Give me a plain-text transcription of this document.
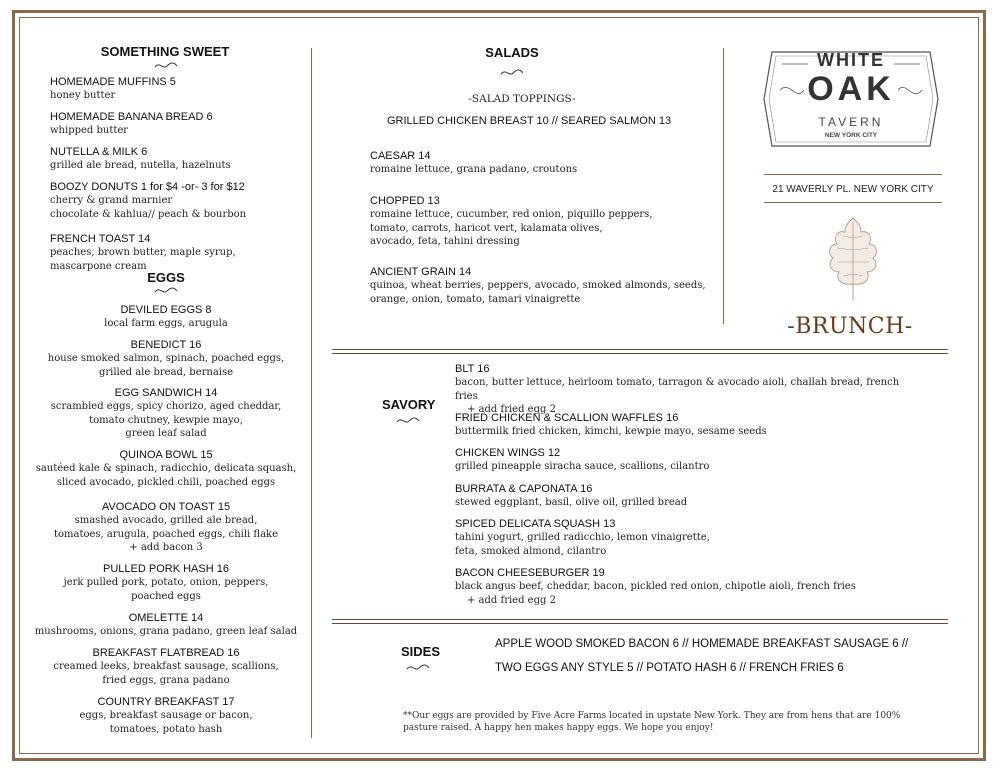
SOMETHING SWEET
HOMEMADE MUFFINS 5
honey butter
HOMEMADE BANANA BREAD 6
whipped butter
NUTELLA & MILK 6
grilled ale bread, nutella, hazelnuts
BOOZY DONUTS 1 for $4 -or- 3 for $12
cherry & grand marnier
chocolate & kahlua// peach & bourbon
FRENCH TOAST 14
peaches, brown butter, maple syrup,
mascarpone cream
EGGS
DEVILED EGGS 8
local farm eggs, arugula
BENEDICT 16
house smoked salmon, spinach, poached eggs,
grilled ale bread, bernaise
EGG SANDWICH 14
scrambled eggs, spicy chorizo, aged cheddar,
tomato chutney, kewpie mayo,
green leaf salad
QUINOA BOWL 15
sautéed kale & spinach, radicchio, delicata squash,
sliced avocado, pickled chili, poached eggs
AVOCADO ON TOAST 15
smashed avocado, grilled ale bread,
tomatoes, arugula, poached eggs, chili flake
+ add bacon 3
PULLED PORK HASH 16
jerk pulled pork, potato, onion, peppers,
poached eggs
OMELETTE 14
mushrooms, onions, grana padano, green leaf salad
BREAKFAST FLATBREAD 16
creamed leeks, breakfast sausage, scallions,
fried eggs, grana padano
COUNTRY BREAKFAST 17
eggs, breakfast sausage or bacon,
tomatoes, potato hash
SALADS
-SALAD TOPPINGS-
GRILLED CHICKEN BREAST 10 // SEARED SALMON 13
CAESAR 14
romaine lettuce, grana padano, croutons
CHOPPED 13
romaine lettuce, cucumber, red onion, piquillo peppers,
tomato, carrots, haricot vert, kalamata olives,
avocado, feta, tahini dressing
ANCIENT GRAIN 14
quinoa, wheat berries, peppers, avocado, smoked almonds, seeds,
orange, onion, tomato, tamari vinaigrette
WHITE
OAK
TAVERN
NEW YORK CITY
21 WAVERLY PL. NEW YORK CITY
-BRUNCH-
SAVORY
BLT 16
bacon, butter lettuce, heirloom tomato, tarragon & avocado aioli, challah bread, french fries
+ add fried egg 2
FRIED CHICKEN & SCALLION WAFFLES 16
buttermilk fried chicken, kimchi, kewpie mayo, sesame seeds
CHICKEN WINGS 12
grilled pineapple siracha sauce, scallions, cilantro
BURRATA & CAPONATA 16
stewed eggplant, basil, olive oil, grilled bread
SPICED DELICATA SQUASH 13
tahini yogurt, grilled radicchio, lemon vinaigrette,
feta, smoked almond, cilantro
BACON CHEESEBURGER 19
black angus beef, cheddar, bacon, pickled red onion, chipotle aioli, french fries
+ add fried egg 2
SIDES	APPLE WOOD SMOKED BACON 6 // HOMEMADE BREAKFAST SAUSAGE 6 //
TWO EGGS ANY STYLE 5 // POTATO HASH 6 // FRENCH FRIES 6
**Our eggs are provided by Five Acre Farms located in upstate New York. They are from hens that are 100%
pasture raised. A happy hen makes happy eggs. We hope you enjoy!
